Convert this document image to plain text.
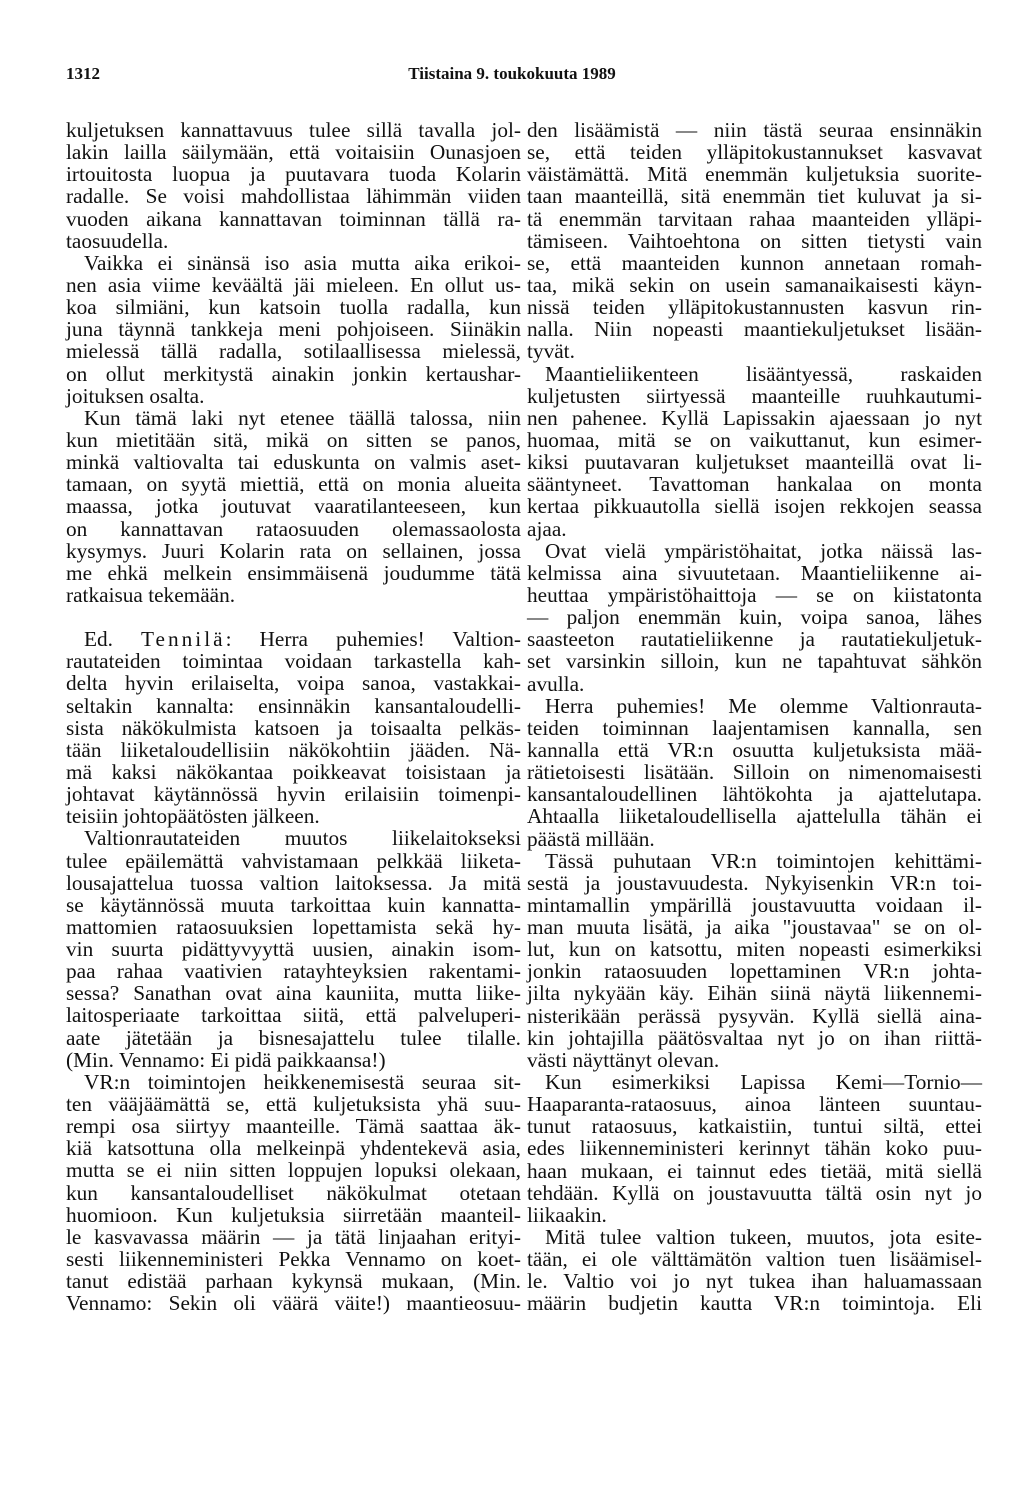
1312	Tiistaina 9. toukokuuta 1989
kuljetuksen kannattavuus tulee sillä tavalla jol-
lakin lailla säilymään, että voitaisiin Ounasjoen
irtouitosta luopua ja puutavara tuoda Kolarin
radalle. Se voisi mahdollistaa lähimmän viiden
vuoden aikana kannattavan toiminnan tällä ra-
taosuudella.
Vaikka ei sinänsä iso asia mutta aika erikoi-
nen asia viime keväältä jäi mieleen. En ollut us-
koa silmiäni, kun katsoin tuolla radalla, kun
juna täynnä tankkeja meni pohjoiseen. Siinäkin
mielessä tällä radalla, sotilaallisessa mielessä,
on ollut merkitystä ainakin jonkin kertaushar-
joituksen osalta.
Kun tämä laki nyt etenee täällä talossa, niin
kun mietitään sitä, mikä on sitten se panos,
minkä valtiovalta tai eduskunta on valmis aset-
tamaan, on syytä miettiä, että on monia alueita
maassa, jotka joutuvat vaaratilanteeseen, kun
on kannattavan rataosuuden olemassaolosta
kysymys. Juuri Kolarin rata on sellainen, jossa
me ehkä melkein ensimmäisenä joudumme tätä
ratkaisua tekemään.
Ed. Tennilä: Herra puhemies! Valtion-
rautateiden toimintaa voidaan tarkastella kah-
delta hyvin erilaiselta, voipa sanoa, vastakkai-
seltakin kannalta: ensinnäkin kansantaloudelli-
sista näkökulmista katsoen ja toisaalta pelkäs-
tään liiketaloudellisiin näkökohtiin jääden. Nä-
mä kaksi näkökantaa poikkeavat toisistaan ja
johtavat käytännössä hyvin erilaisiin toimenpi-
teisiin johtopäätösten jälkeen.
Valtionrautateiden muutos liikelaitokseksi
tulee epäilemättä vahvistamaan pelkkää liiketa-
lousajattelua tuossa valtion laitoksessa. Ja mitä
se käytännössä muuta tarkoittaa kuin kannatta-
mattomien rataosuuksien lopettamista sekä hy-
vin suurta pidättyvyyttä uusien, ainakin isom-
paa rahaa vaativien ratayhteyksien rakentami-
sessa? Sanathan ovat aina kauniita, mutta liike-
laitosperiaate tarkoittaa siitä, että palveluperi-
aate jätetään ja bisnesajattelu tulee tilalle.
(Min. Vennamo: Ei pidä paikkaansa!)
VR:n toimintojen heikkenemisestä seuraa sit-
ten vääjäämättä se, että kuljetuksista yhä suu-
rempi osa siirtyy maanteille. Tämä saattaa äk-
kiä katsottuna olla melkeinpä yhdentekevä asia,
mutta se ei niin sitten loppujen lopuksi olekaan,
kun kansantaloudelliset näkökulmat otetaan
huomioon. Kun kuljetuksia siirretään maanteil-
le kasvavassa määrin — ja tätä linjaahan erityi-
sesti liikenneministeri Pekka Vennamo on koet-
tanut edistää parhaan kykynsä mukaan, (Min.
Vennamo: Sekin oli väärä väite!) maantieosuu-
den lisäämistä — niin tästä seuraa ensinnäkin
se, että teiden ylläpitokustannukset kasvavat
väistämättä. Mitä enemmän kuljetuksia suorite-
taan maanteillä, sitä enemmän tiet kuluvat ja si-
tä enemmän tarvitaan rahaa maanteiden ylläpi-
tämiseen. Vaihtoehtona on sitten tietysti vain
se, että maanteiden kunnon annetaan romah-
taa, mikä sekin on usein samanaikaisesti käyn-
nissä teiden ylläpitokustannusten kasvun rin-
nalla. Niin nopeasti maantiekuljetukset lisään-
tyvät.
Maantieliikenteen lisääntyessä, raskaiden
kuljetusten siirtyessä maanteille ruuhkautumi-
nen pahenee. Kyllä Lapissakin ajaessaan jo nyt
huomaa, mitä se on vaikuttanut, kun esimer-
kiksi puutavaran kuljetukset maanteillä ovat li-
sääntyneet. Tavattoman hankalaa on monta
kertaa pikkuautolla siellä isojen rekkojen seassa
ajaa.
Ovat vielä ympäristöhaitat, jotka näissä las-
kelmissa aina sivuutetaan. Maantieliikenne ai-
heuttaa ympäristöhaittoja — se on kiistatonta
— paljon enemmän kuin, voipa sanoa, lähes
saasteeton rautatieliikenne ja rautatiekuljetuk-
set varsinkin silloin, kun ne tapahtuvat sähkön
avulla.
Herra puhemies! Me olemme Valtionrauta-
teiden toiminnan laajentamisen kannalla, sen
kannalla että VR:n osuutta kuljetuksista mää-
rätietoisesti lisätään. Silloin on nimenomaisesti
kansantaloudellinen lähtökohta ja ajattelutapa.
Ahtaalla liiketaloudellisella ajattelulla tähän ei
päästä millään.
Tässä puhutaan VR:n toimintojen kehittämi-
sestä ja joustavuudesta. Nykyisenkin VR:n toi-
mintamallin ympärillä joustavuutta voidaan il-
man muuta lisätä, ja aika "joustavaa" se on ol-
lut, kun on katsottu, miten nopeasti esimerkiksi
jonkin rataosuuden lopettaminen VR:n johta-
jilta nykyään käy. Eihän siinä näytä liikennemi-
nisterikään perässä pysyvän. Kyllä siellä aina-
kin johtajilla päätösvaltaa nyt jo on ihan riittä-
västi näyttänyt olevan.
Kun esimerkiksi Lapissa Kemi—Tornio—
Haaparanta-rataosuus, ainoa länteen suuntau-
tunut rataosuus, katkaistiin, tuntui siltä, ettei
edes liikenneministeri kerinnyt tähän koko puu-
haan mukaan, ei tainnut edes tietää, mitä siellä
tehdään. Kyllä on joustavuutta tältä osin nyt jo
liikaakin.
Mitä tulee valtion tukeen, muutos, jota esite-
tään, ei ole välttämätön valtion tuen lisäämisel-
le. Valtio voi jo nyt tukea ihan haluamassaan
määrin budjetin kautta VR:n toimintoja. Eli
